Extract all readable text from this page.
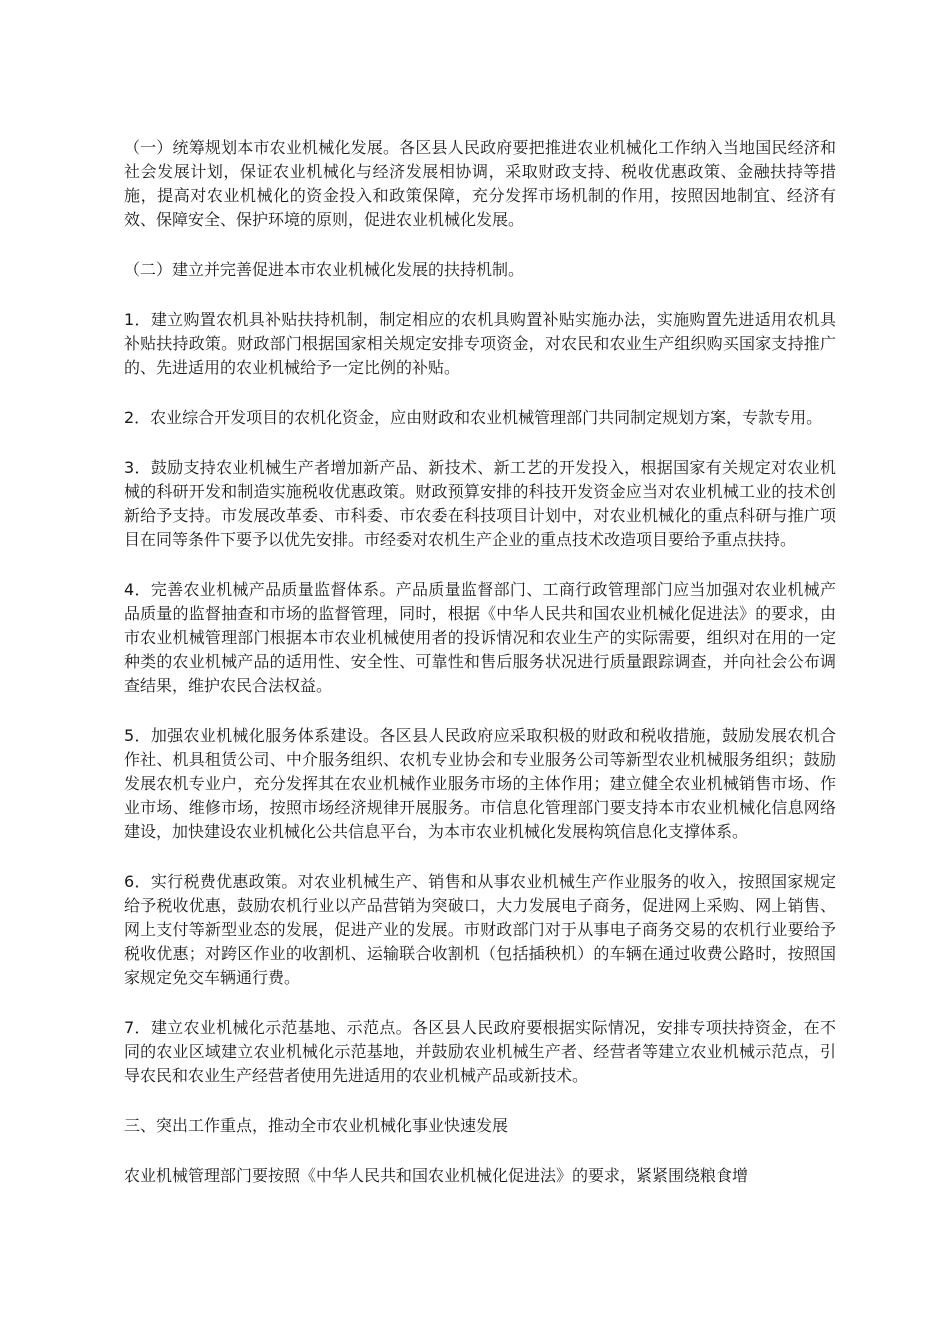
（一）统筹规划本市农业机械化发展。各区县人民政府要把推进农业机械化工作纳入当地国民经济和社会发展计划，保证农业机械化与经济发展相协调，采取财政支持、税收优惠政策、金融扶持等措施，提高对农业机械化的资金投入和政策保障，充分发挥市场机制的作用，按照因地制宜、经济有效、保障安全、保护环境的原则，促进农业机械化发展。

（二）建立并完善促进本市农业机械化发展的扶持机制。

1．建立购置农机具补贴扶持机制，制定相应的农机具购置补贴实施办法，实施购置先进适用农机具补贴扶持政策。财政部门根据国家相关规定安排专项资金，对农民和农业生产组织购买国家支持推广的、先进适用的农业机械给予一定比例的补贴。

2．农业综合开发项目的农机化资金，应由财政和农业机械管理部门共同制定规划方案，专款专用。

3．鼓励支持农业机械生产者增加新产品、新技术、新工艺的开发投入，根据国家有关规定对农业机械的科研开发和制造实施税收优惠政策。财政预算安排的科技开发资金应当对农业机械工业的技术创新给予支持。市发展改革委、市科委、市农委在科技项目计划中，对农业机械化的重点科研与推广项目在同等条件下要予以优先安排。市经委对农机生产企业的重点技术改造项目要给予重点扶持。

4．完善农业机械产品质量监督体系。产品质量监督部门、工商行政管理部门应当加强对农业机械产品质量的监督抽查和市场的监督管理，同时，根据《中华人民共和国农业机械化促进法》的要求，由市农业机械管理部门根据本市农业机械使用者的投诉情况和农业生产的实际需要，组织对在用的一定种类的农业机械产品的适用性、安全性、可靠性和售后服务状况进行质量跟踪调查，并向社会公布调查结果，维护农民合法权益。

5．加强农业机械化服务体系建设。各区县人民政府应采取积极的财政和税收措施，鼓励发展农机合作社、机具租赁公司、中介服务组织、农机专业协会和专业服务公司等新型农业机械服务组织；鼓励发展农机专业户，充分发挥其在农业机械作业服务市场的主体作用；建立健全农业机械销售市场、作业市场、维修市场，按照市场经济规律开展服务。市信息化管理部门要支持本市农业机械化信息网络建设，加快建设农业机械化公共信息平台，为本市农业机械化发展构筑信息化支撑体系。

6．实行税费优惠政策。对农业机械生产、销售和从事农业机械生产作业服务的收入，按照国家规定给予税收优惠，鼓励农机行业以产品营销为突破口，大力发展电子商务，促进网上采购、网上销售、网上支付等新型业态的发展，促进产业的发展。市财政部门对于从事电子商务交易的农机行业要给予税收优惠；对跨区作业的收割机、运输联合收割机（包括插秧机）的车辆在通过收费公路时，按照国家规定免交车辆通行费。

7．建立农业机械化示范基地、示范点。各区县人民政府要根据实际情况，安排专项扶持资金，在不同的农业区域建立农业机械化示范基地，并鼓励农业机械生产者、经营者等建立农业机械示范点，引导农民和农业生产经营者使用先进适用的农业机械产品或新技术。

三、突出工作重点，推动全市农业机械化事业快速发展

农业机械管理部门要按照《中华人民共和国农业机械化促进法》的要求，紧紧围绕粮食增
